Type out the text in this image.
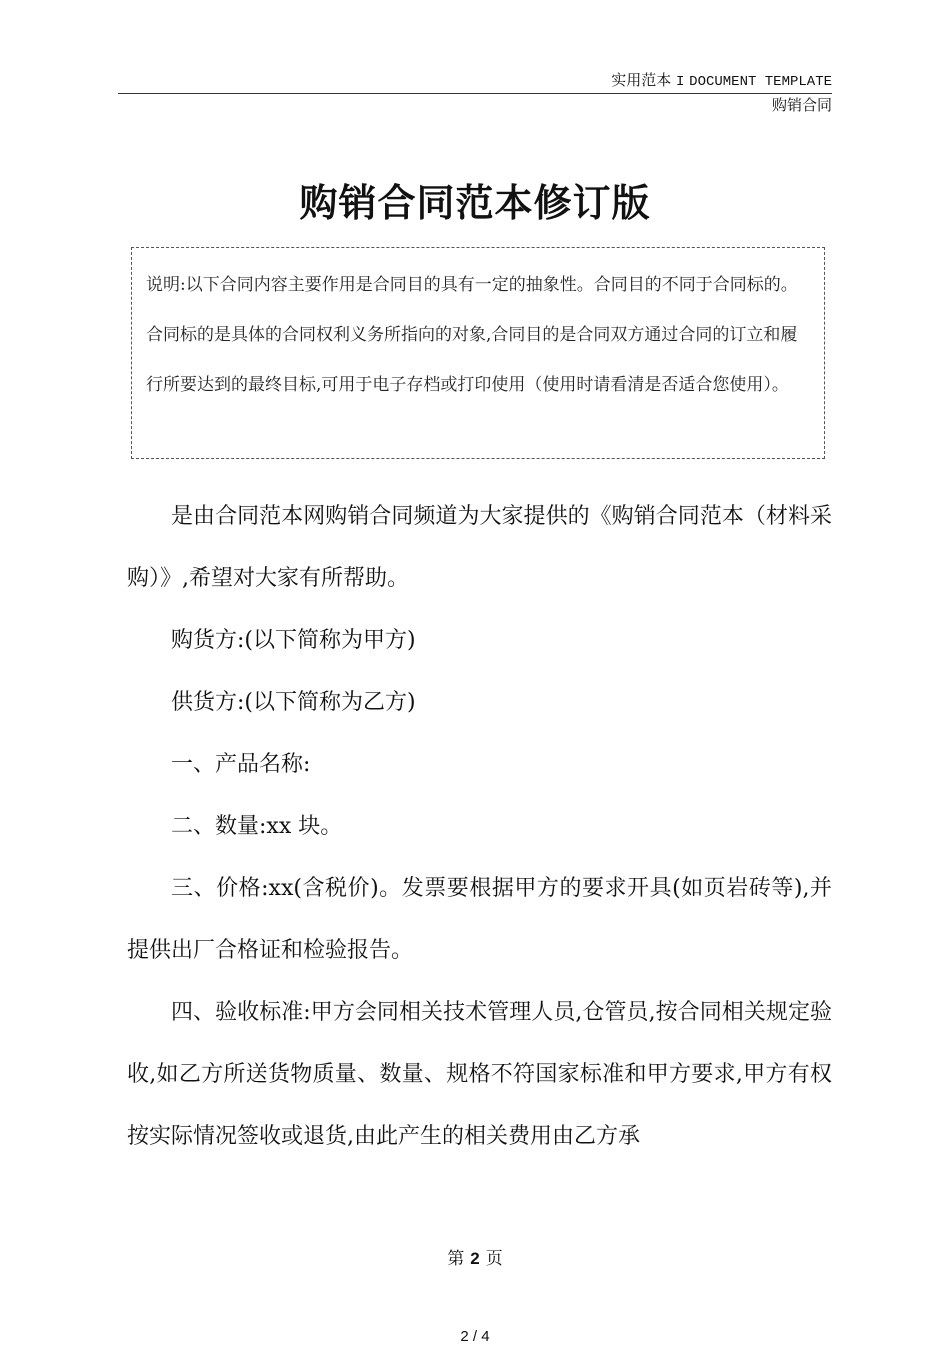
实用范本 I DOCUMENT TEMPLATE
购销合同
购销合同范本修订版
说明:以下合同内容主要作用是合同目的具有一定的抽象性。合同目的不同于合同标的。合同标的是具体的合同权利义务所指向的对象,合同目的是合同双方通过合同的订立和履行所要达到的最终目标,可用于电子存档或打印使用（使用时请看清是否适合您使用）。

是由合同范本网购销合同频道为大家提供的《购销合同范本（材料采购）》,希望对大家有所帮助。

购货方:(以下简称为甲方)

供货方:(以下简称为乙方)

一、产品名称:

二、数量:xx 块。

三、价格:xx(含税价)。发票要根据甲方的要求开具(如页岩砖等),并提供出厂合格证和检验报告。

四、验收标准:甲方会同相关技术管理人员,仓管员,按合同相关规定验收,如乙方所送货物质量、数量、规格不符国家标准和甲方要求,甲方有权按实际情况签收或退货,由此产生的相关费用由乙方承

第 2 页
2 / 4
